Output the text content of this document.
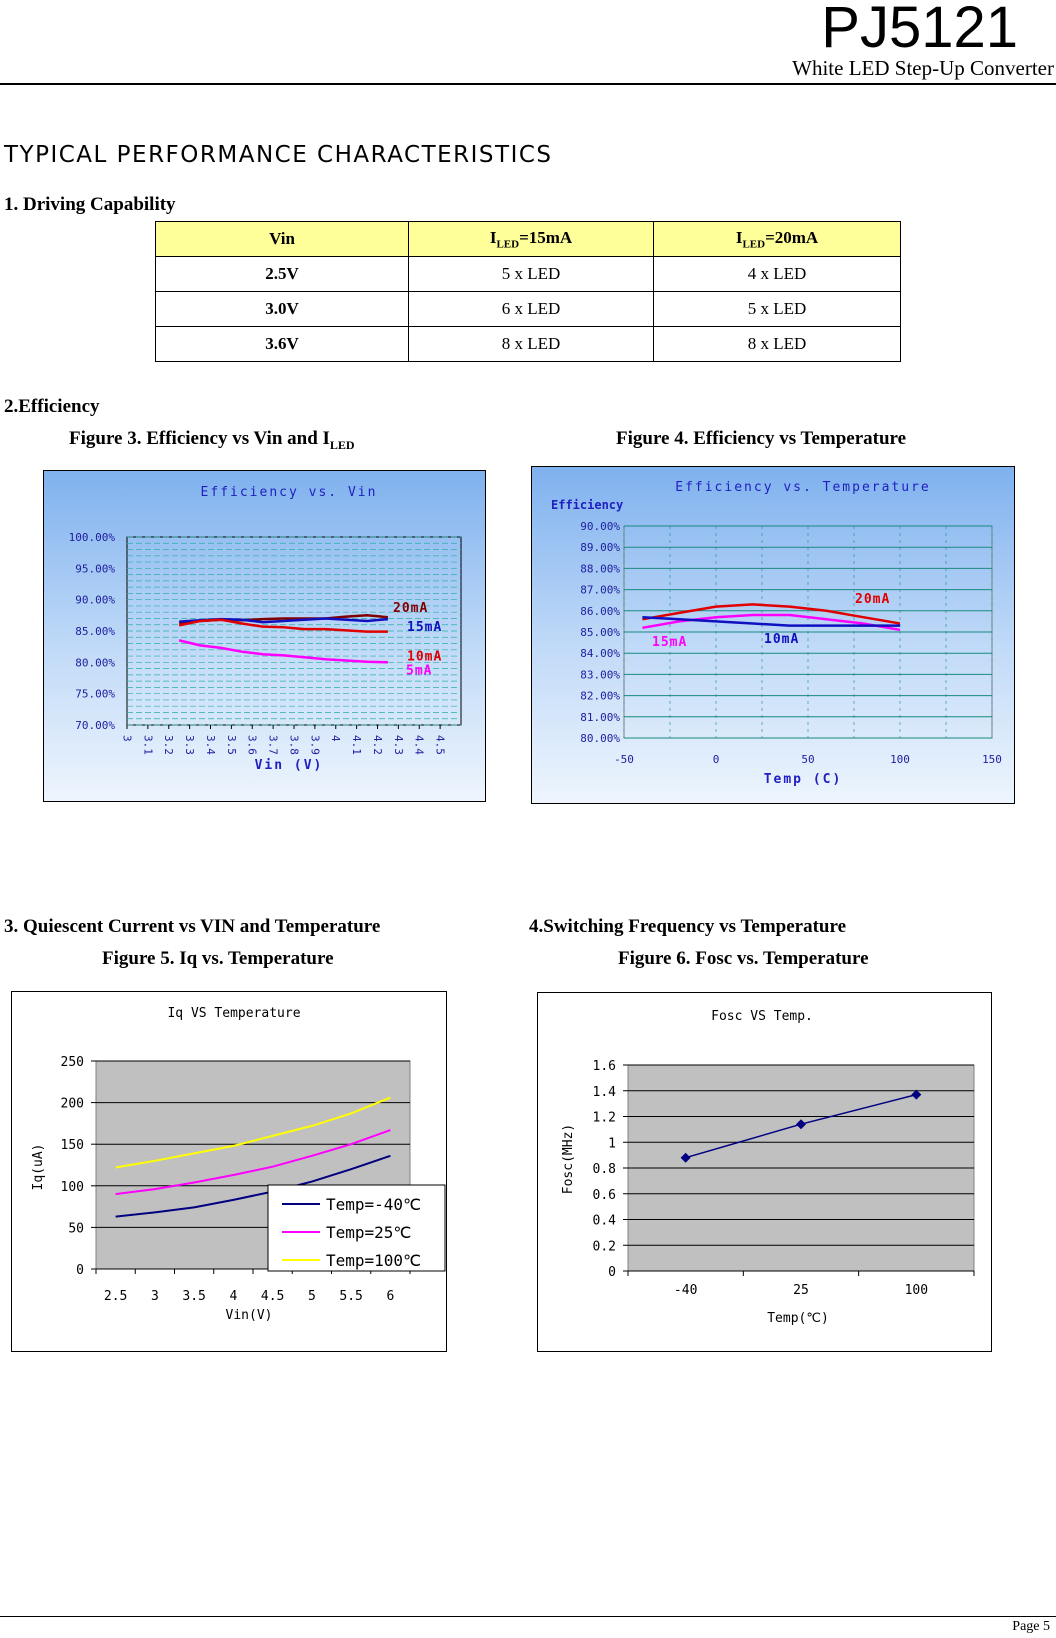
PJ5121
White LED Step-Up Converter
TYPICAL PERFORMANCE CHARACTERISTICS
1. Driving Capability
Vin	$I_{LED}=15mA$	$I_{LED}=20mA$
2.5V	5 x LED	4 x LED
3.0V	6 x LED	5 x LED
3.6V	8 x LED	8 x LED
2.Efficiency
Figure 3. Efficiency vs Vin and $I_{LED}$	Figure 4. Efficiency vs Temperature
70.00%
75.00%
80.00%
85.00%
90.00%
95.00%
100.00%
3 3.1 3.2 3.3 3.4 3.5 3.6 3.7 3.8 3.9 4 4.1 4.2 4.3 4.4 4.5
Efficiency vs. Vin
Vin (V)
20mA
15mA
10mA
5mA
80.00%
81.00%
82.00%
83.00%
84.00%
85.00%
86.00%
87.00%
88.00%
89.00%
90.00%
-50	0	50	100	150
Efficiency vs. Temperature
Efficiency
Temp (C)
20mA
15mA	10mA
3. Quiescent Current vs VIN and Temperature	4.Switching Frequency vs Temperature
Figure 5. Iq vs. Temperature	Figure 6. Fosc vs. Temperature
0
50
100
150
200
250
2.5 3 3.5 4 4.5 5 5.5 6
Iq VS Temperature
Vin(V)
Iq(uA)
Temp=-40℃
Temp=25℃
Temp=100℃
0
0.2
0.4
0.6
0.8
1
1.2
1.4
1.6
-40	25	100
Fosc VS Temp.
Temp(℃)
Fosc(MHz)
Page 5
